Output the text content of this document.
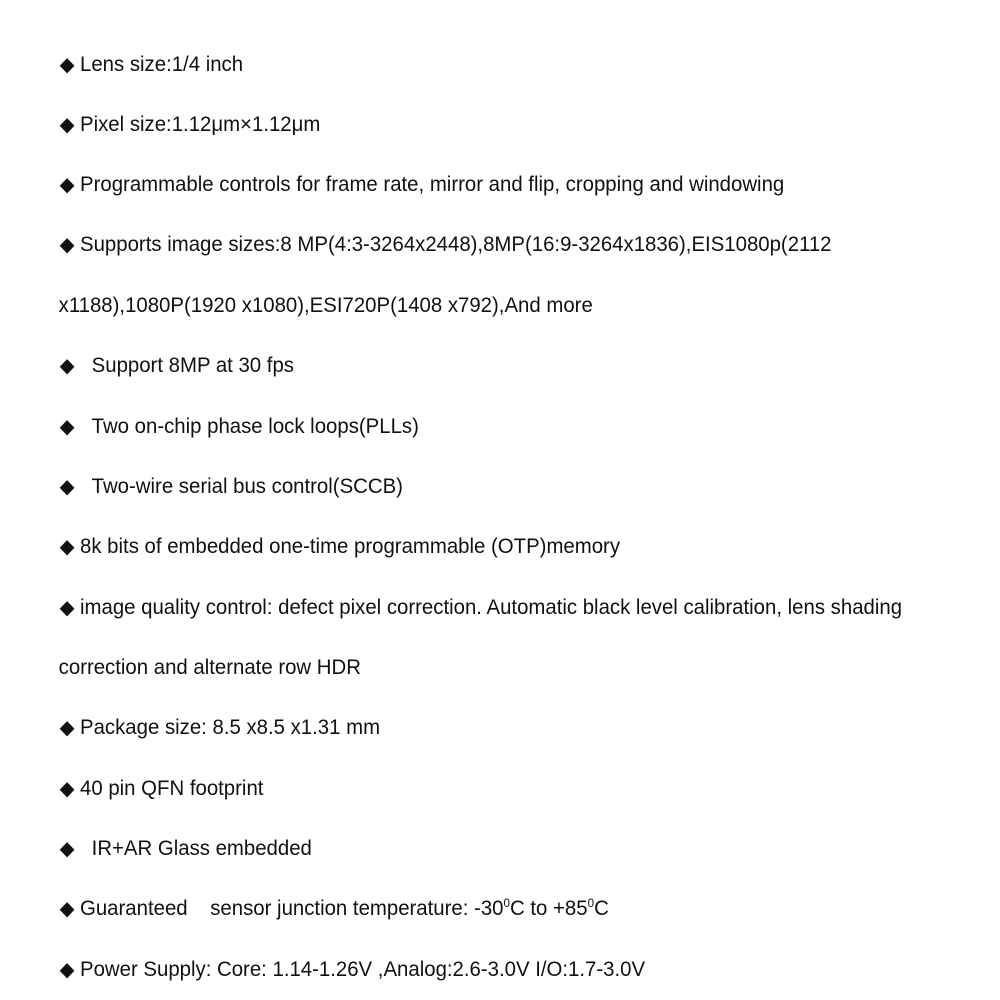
◆ Lens size:1/4 inch

◆ Pixel size:1.12μm×1.12μm

◆ Programmable controls for frame rate, mirror and flip, cropping and windowing

◆ Supports image sizes:8 MP(4:3-3264x2448),8MP(16:9-3264x1836),EIS1080p(2112

x1188),1080P(1920 x1080),ESI720P(1408 x792),And more

◆ Support 8MP at 30 fps

◆ Two on-chip phase lock loops(PLLs)

◆ Two-wire serial bus control(SCCB)

◆ 8k bits of embedded one-time programmable (OTP)memory

◆ image quality control: defect pixel correction. Automatic black level calibration, lens shading

correction and alternate row HDR

◆ Package size: 8.5 x8.5 x1.31 mm

◆ 40 pin QFN footprint

◆ IR+AR Glass embedded

◆ Guaranteed    sensor junction temperature: $-30^0C$ to $+85^0C$

◆ Power Supply: Core: 1.14-1.26V ,Analog:2.6-3.0V I/O:1.7-3.0V
